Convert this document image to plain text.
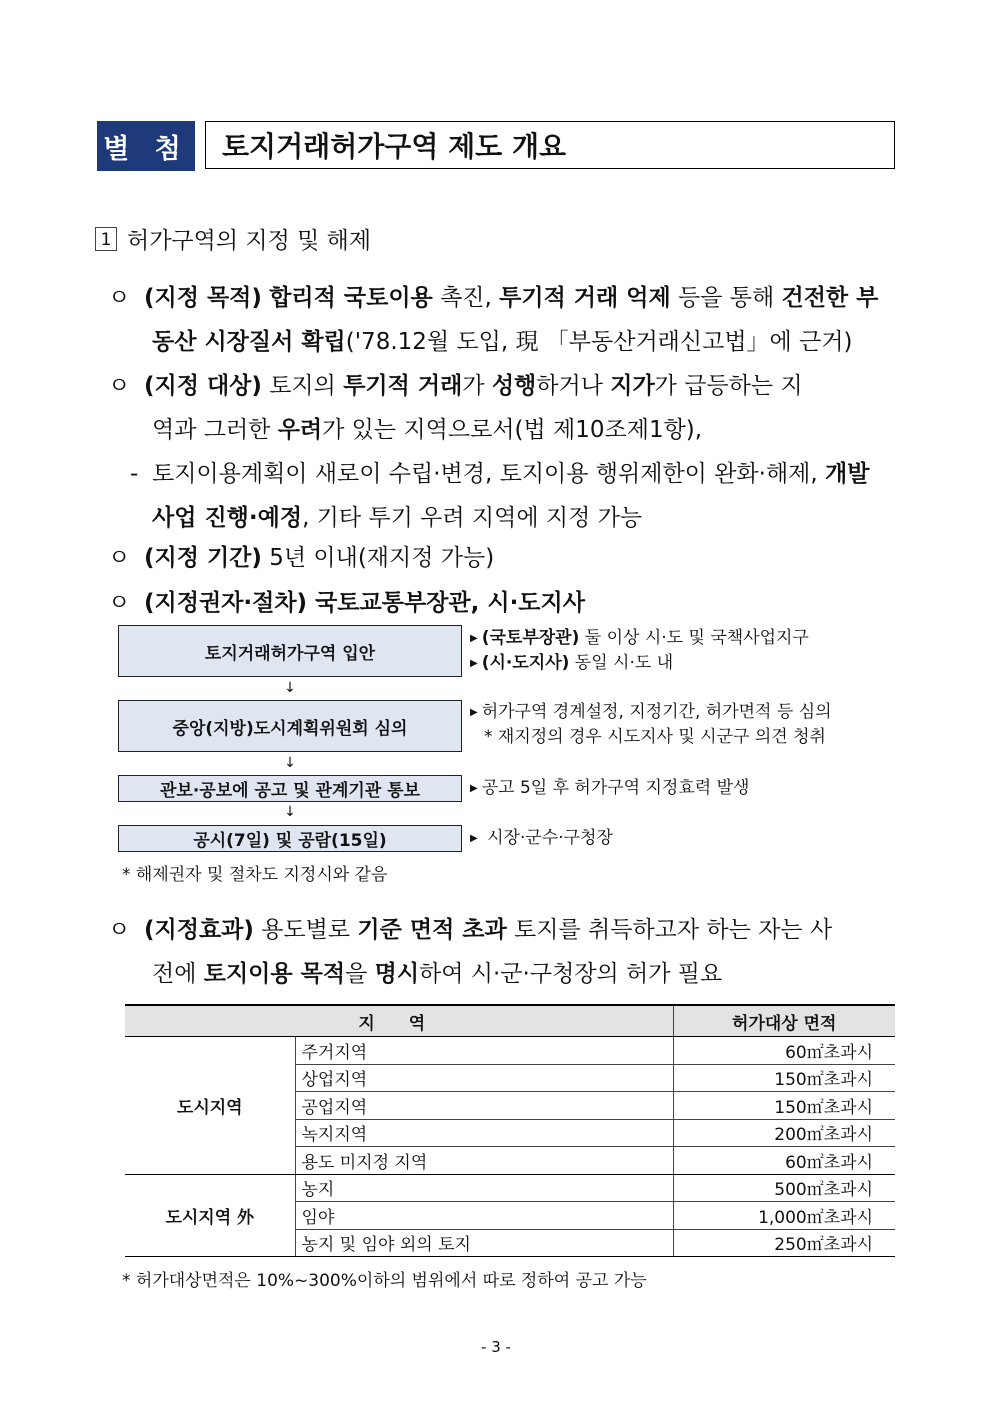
별 첨 토지거래허가구역 제도 개요
1 허가구역의 지정 및 해제
ㅇ (지정 목적) 합리적 국토이용 촉진, 투기적 거래 억제 등을 통해 건전한 부
동산 시장질서 확립('78.12월 도입, 現 「부동산거래신고법」에 근거)
ㅇ (지정 대상) 토지의 투기적 거래가 성행하거나 지가가 급등하는 지
역과 그러한 우려가 있는 지역으로서(법 제10조제1항),
- 토지이용계획이 새로이 수립·변경, 토지이용 행위제한이 완화·해제, 개발
사업 진행·예정, 기타 투기 우려 지역에 지정 가능
ㅇ (지정 기간) 5년 이내(재지정 가능)
ㅇ (지정권자·절차) 국토교통부장관, 시·도지사
토지거래허가구역 입안
↓
중앙(지방)도시계획위원회 심의
↓
관보·공보에 공고 및 관계기관 통보
↓
공시(7일) 및 공람(15일)
▶ (국토부장관) 둘 이상 시·도 및 국책사업지구
▶ (시·도지사) 동일 시·도 내
▶ 허가구역 경계설정, 지정기간, 허가면적 등 심의
* 재지정의 경우 시도지사 및 시군구 의견 청취
▶ 공고 5일 후 허가구역 지정효력 발생
▶ 시장·군수·구청장
* 해제권자 및 절차도 지정시와 같음
ㅇ (지정효과) 용도별로 기준 면적 초과 토지를 취득하고자 하는 자는 사
전에 토지이용 목적을 명시하여 시·군·구청장의 허가 필요
지 역		허가대상 면적
도시지역	주거지역	60㎡초과시
	상업지역	150㎡초과시
	공업지역	150㎡초과시
	녹지지역	200㎡초과시
	용도 미지정 지역	60㎡초과시
도시지역 外	농지	500㎡초과시
	임야	1,000㎡초과시
	농지 및 임야 외의 토지	250㎡초과시
* 허가대상면적은 10%~300%이하의 범위에서 따로 정하여 공고 가능
- 3 -
